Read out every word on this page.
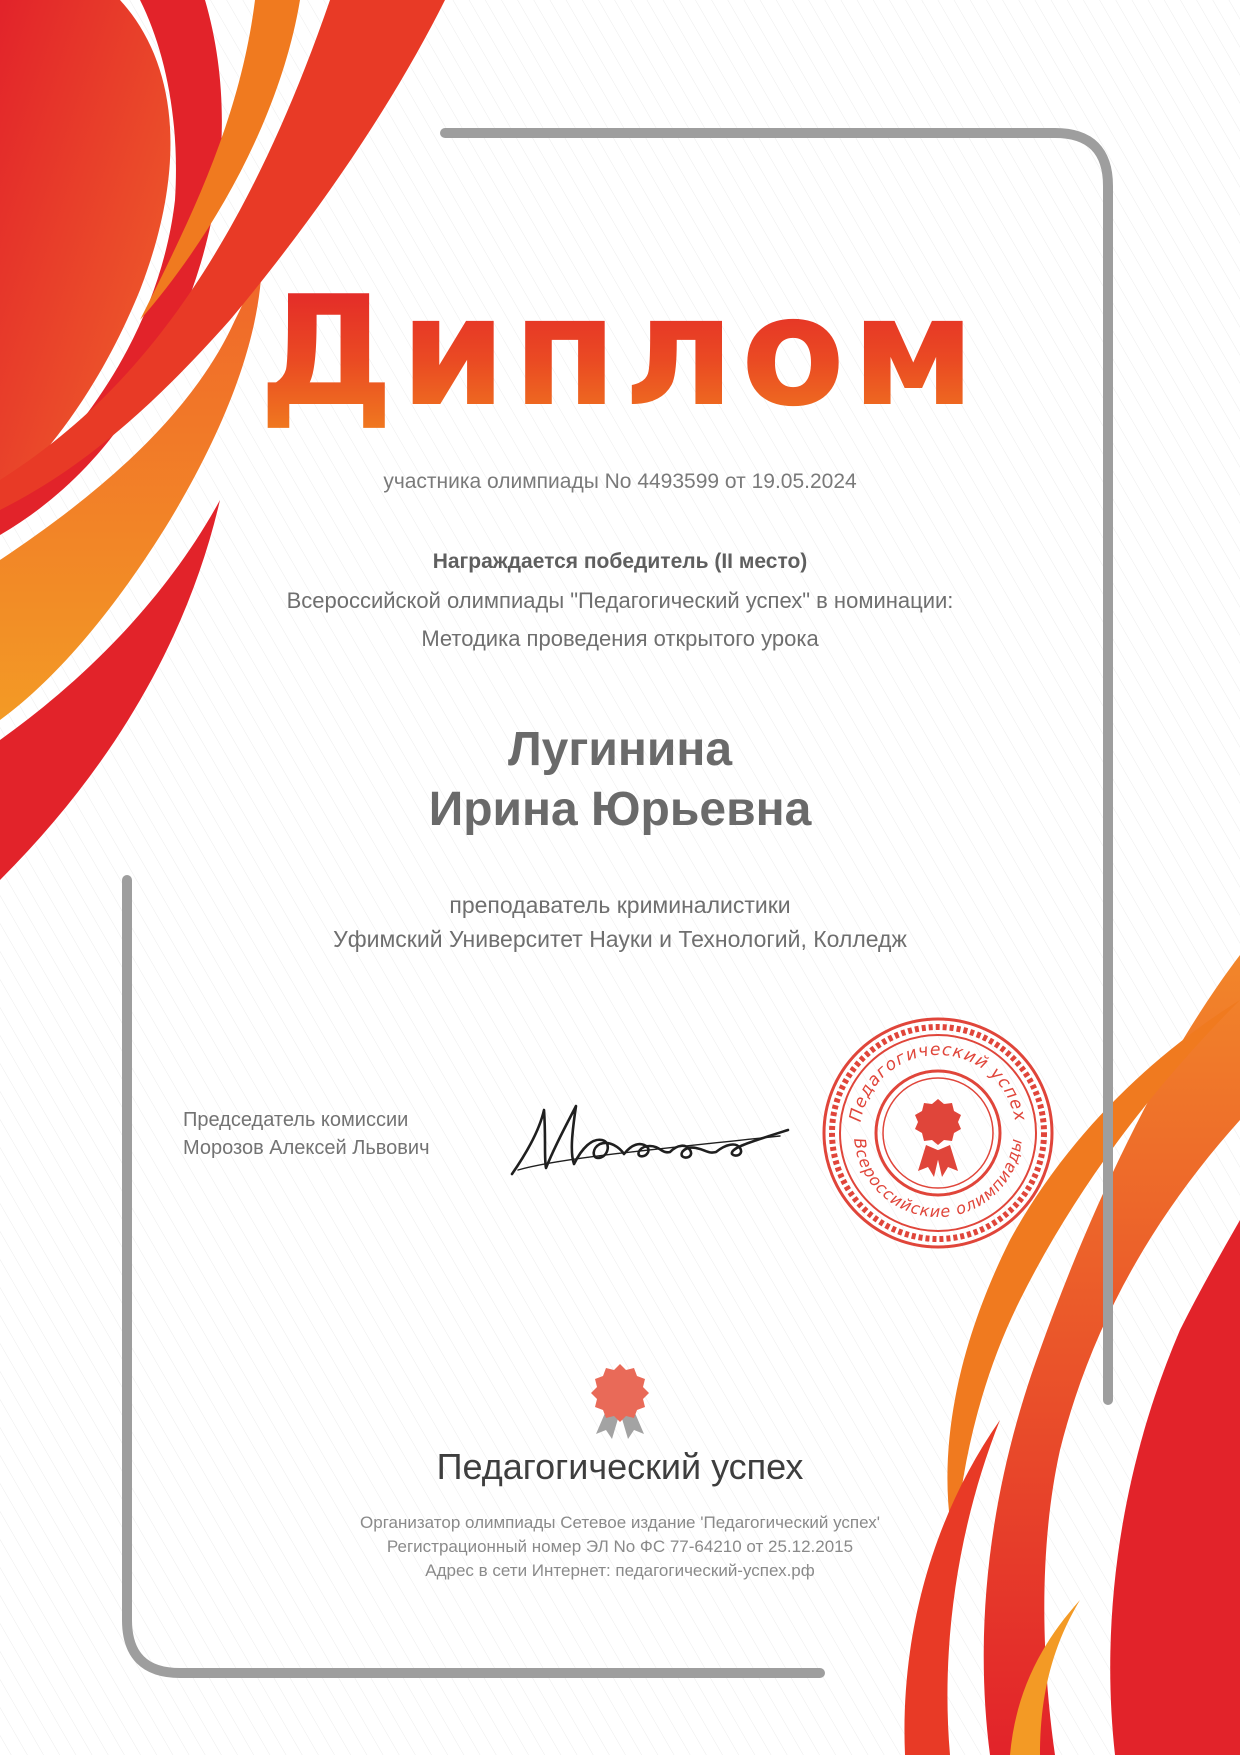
Диплом
участника олимпиады No 4493599 от 19.05.2024
Награждается победитель (II место)
Всероссийской олимпиады "Педагогический успех" в номинации:
Методика проведения открытого урока
Лугинина
Ирина Юрьевна
преподаватель криминалистики
Уфимский Университет Науки и Технологий, Колледж
Председатель комиссии
Морозов Алексей Львович
Педагогический успех
Всероссийские олимпиады
Педагогический успех
Организатор олимпиады Сетевое издание 'Педагогический успех'
Регистрационный номер ЭЛ No ФС 77-64210 от 25.12.2015
Адрес в сети Интернет: педагогический-успех.рф
